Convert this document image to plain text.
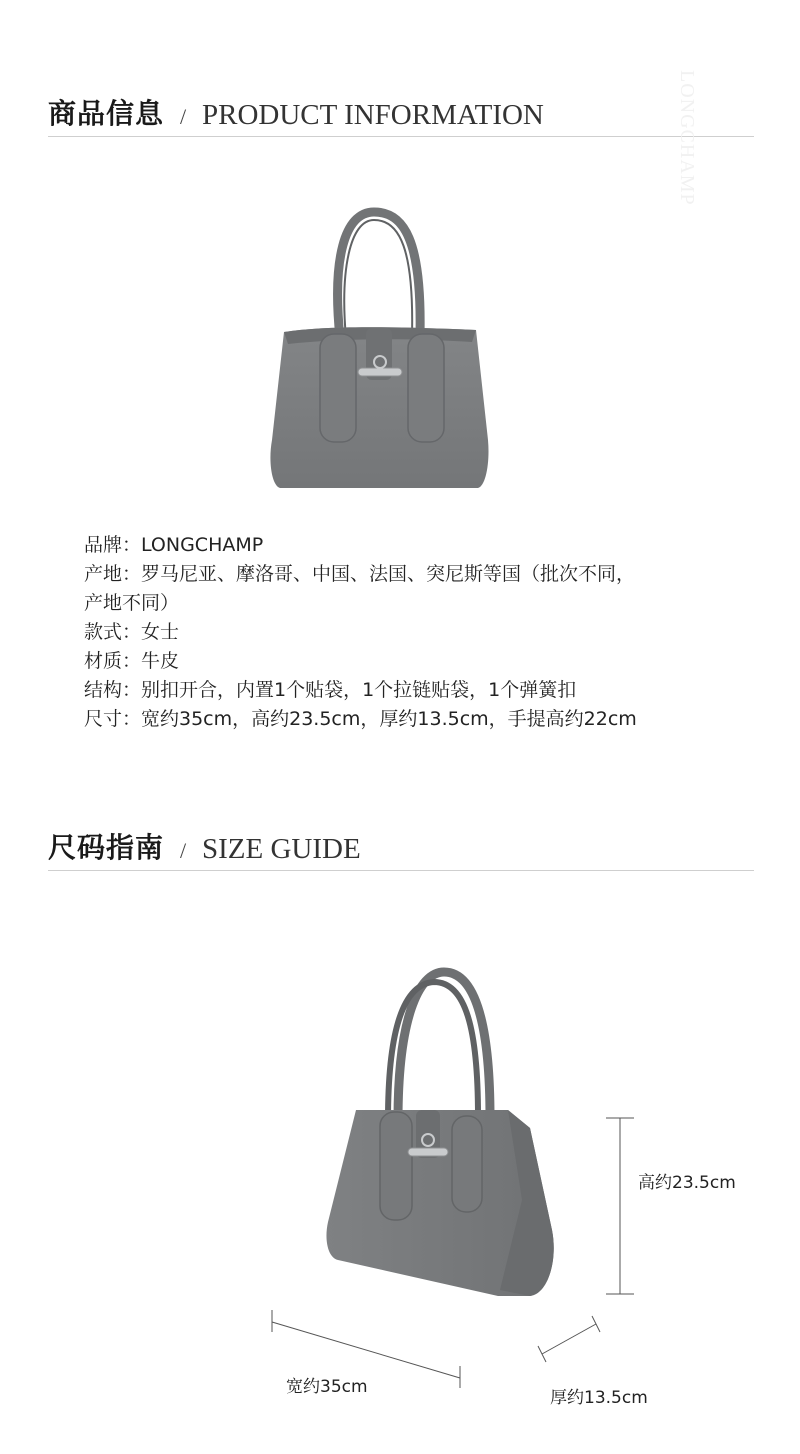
商品信息 / PRODUCT INFORMATION	LONGCHAMP
品牌：LONGCHAMP
产地：罗马尼亚、摩洛哥、中国、法国、突尼斯等国（批次不同，
产地不同）
款式：女士
材质：牛皮
结构：别扣开合，内置1个贴袋，1个拉链贴袋，1个弹簧扣
尺寸：宽约35cm，高约23.5cm，厚约13.5cm，手提高约22cm
尺码指南 / SIZE GUIDE
高约23.5cm
宽约35cm
厚约13.5cm
